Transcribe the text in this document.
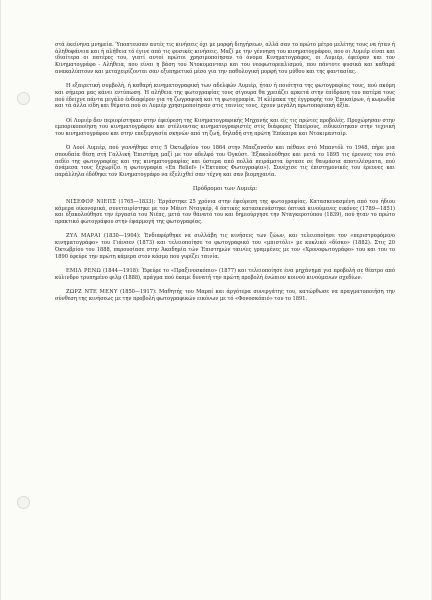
στά έκείνηνα μνημεία. Ύποπτευσαν αυτές τις κινήσεις όχι με μορφή διηγήσεων, αλλά σαν το πρώτο μέτρο μελέτης τους να ήταν ή άληθοφάνεια και ή αλήθεια τό έγινε από τις φυσικές κινήσεις. Μαζί με την γέννηση του κινηματογράφου, που οι Λυμιέρ είναι και ιδιαίτερα οι πατέρες του, γιατί αυτοί πρώτοι χρησιμοποίησαν τό όνομα Κινηματογράφος, οι Λυμιέρ, έφεύραν και τον Κινηματογράφο - Αλήθεια, που είναι η βάση του Ντοκυμανταιρ και του νεοφωτορεαλισμού, που πάντοτε φυσικά και καθαρά ανακαλύπτουν και μεταχειρίζονται σαν εξυπηρετικό μέσο για την παθολογική μορφή του μύθου και της φαντασίας.

Η εξαιρετική συμβολή, ή καθαρή κινηματογραφική των αδελφών Λυμιέρ, ήταν ή ποιότητα της φωτογραφίας τους, πού ακόμη και σήμερα μας κάνει εντύπωση. Ή αλήθεια της φωτογραφίας τους σίγουρα θα χρειάζει αρκετά στην έπίδραση του πατέρα τους πού έδειχνε πάντα μεγάλο ένδιαφέρον για τη ζωγραφική και τη φωτογραφία. Ή κλίμακα της έγγραφής τον Έπικαίρων, ή κωμωδία και τά άλλα είδη και θέματα πού οι Λυμιέρ χρησιμοποίησαν στις ταινίες τους, έχουν μεγάλη πρωτοποριακή άξία.

Οί Λυμιέρ δεν περιορίστηκαν στην έφεύρεση της Κινηματογραφικής Μηχανής και είς τις πρώτες προβολές. Προχώρησαν στην εμπορικοποίηση του κινηματογράφου και στέλνοντας κινηματογραφιστές στις διάφορες Ήπείρους, ειδικεύτηκαν στην τεχνική του κινηματογράφου και στην επεξεργασία σκηνών από τη ζωή, δηλαδή στη πρώτη Έπίκαιρα και Ντοκιμανταίρ.

Ό Λουί Λυμιέρ, πού γεννήθηκε στις 5 Όκτωβρίου του 1864 στην Μπεζανσόν και πέθανε στό Μπαντόλ το 1948, πήρε μια σπουδαία θέση στή Γαλλική Έπιστήμη μαζί με τον αδελφό του Όγκύστ. Έξακολούθησε και μετά το 1895 τις έρευνες του στό πεδίο της φωτογραφίας και της κινηματογραφίας και ύστερα από πολλά πειράματα έφτασε σε θαυμάσια αποτελέσματα, πού άνάμεσα τους ξεχωρίζει η φωτογραφία «En Relief» («Έκτυπος Φωτογραφία»). Συνέχισε τις έπιστημονικές του έρευνες και παράλληλα έδόθηκε τον Κινηματογράφο να έξελιχθεί σαν τέχνη και σαν βιομηχανία.

Πρόδρομοι των Λυμιέρ:

ΝΙΣΕΦΟΡ ΝΙΕΠΣ (1765—1833): Έργάστηκε 25 χρόνια στην έφεύρεση της φωτογραφίας. Κατασκευασμένη από του ήδιου κάμερα οίκονομικά, συνεταιρίστηκε με τον Μάιοτ Νταγκέρ, 4 όπτικές κατασκευάστηκε όπτικά κινούμενες εικόνες (1789—1851) και έξακολούθησε την έργασία του Νιέπς, μετά τον θάνατό του και δημιούργησε την Νταγκεροτύπου (1839), πού ήταν το πρώτο πρακτικό φωτογράφου στην έφαρμογή της φωτογραφίας.

ΖΥΛ ΜΑΡΑΙ (1830—1904): Ένδιαφέρθηκε να συλλάβη τις κινήσεις των ζώων, και τελειοποίησε τον «περιστρεφόμενο κινηματογράφο» του Γιάνσεν (1873) και τελειοποίησε το φωτογραφικό του «μπιστόλι» με κυκλικό «δίσκο» (1882). Στις 20 Όκτωβρίου του 1888, παρουσίασε στην Άκαδημία τών Έπιστημών ταινίες γραμμένες με τον «Χρονοφωτογράφο» του και του το 1890 έφεύρε την πρώτη κάμερα στον κόσμο που γυρίζει ταινία.

ΕΜΙΛ ΡΕΝΩ (1844—1918): Έφεύρε το «Πραξινοσκόπιο» (1877) και τελειοποίησε ένα μηχάνημα για προβολή σε θέατρο από κύλινδρο τρυπημένο φιλμ (1888), πράγμα πού έκαμε δυνατή την πρώτη προβολή ένώπιον κοινού κινούμενων σχεδίων.

ΖΩΡΖ ΝΤΕ ΜΕΝΥ (1850—1917): Μαθητής του Μαραί και άργότερα συνεργάτης του, κατώρθωσε να πραγματοποιήση την σύνθεση της κινήσεως με την προβολή φωτογραφικών εικόνων με τό «Φονοσκόπιό» του το 1891.
